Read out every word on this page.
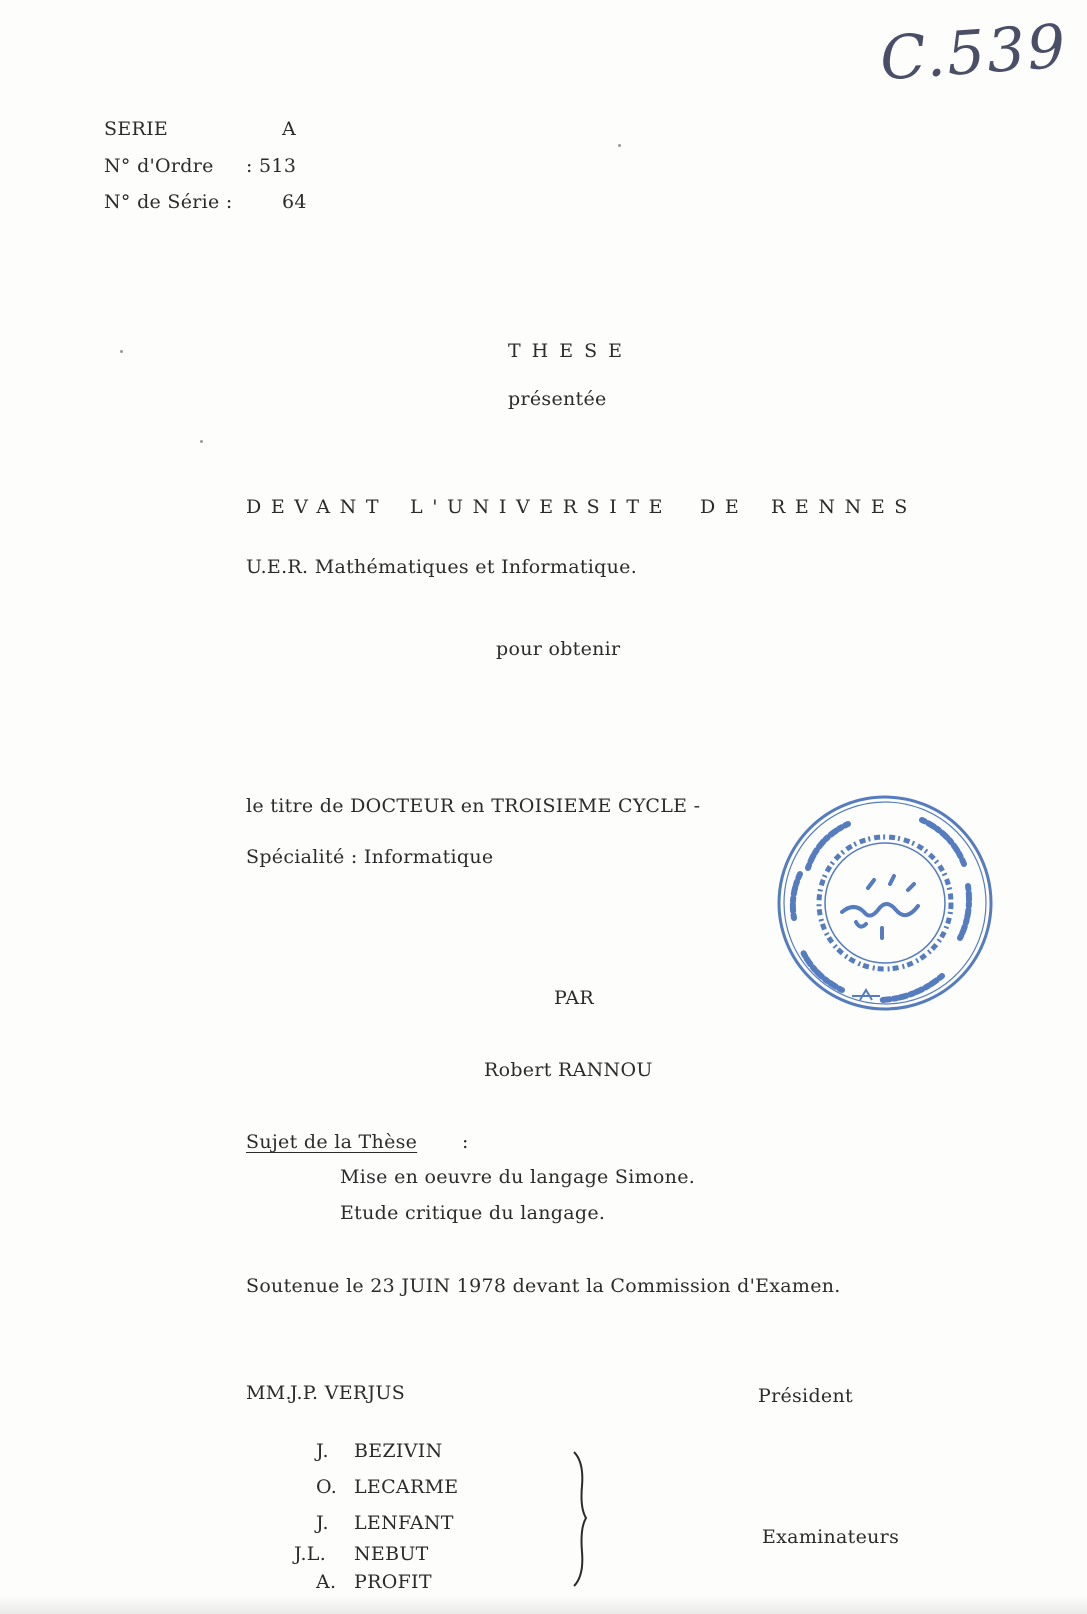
C.539
SERIE	A
N° d'Ordre : 513
N° de Série :	64
THESE
présentée
DEVANT L'UNIVERSITE DE RENNES
U.E.R. Mathématiques et Informatique.
pour obtenir
le titre de DOCTEUR en TROISIEME CYCLE -
Spécialité : Informatique
PAR
Robert RANNOU
Sujet de la Thèse :
Mise en oeuvre du langage Simone.
Etude critique du langage.
Soutenue le 23 JUIN 1978 devant la Commission d'Examen.
MM.
J.P. VERJUS	Président
J. BEZIVIN
O. LECARME
J. LENFANT
J.L. NEBUT
A. PROFIT
Examinateurs
